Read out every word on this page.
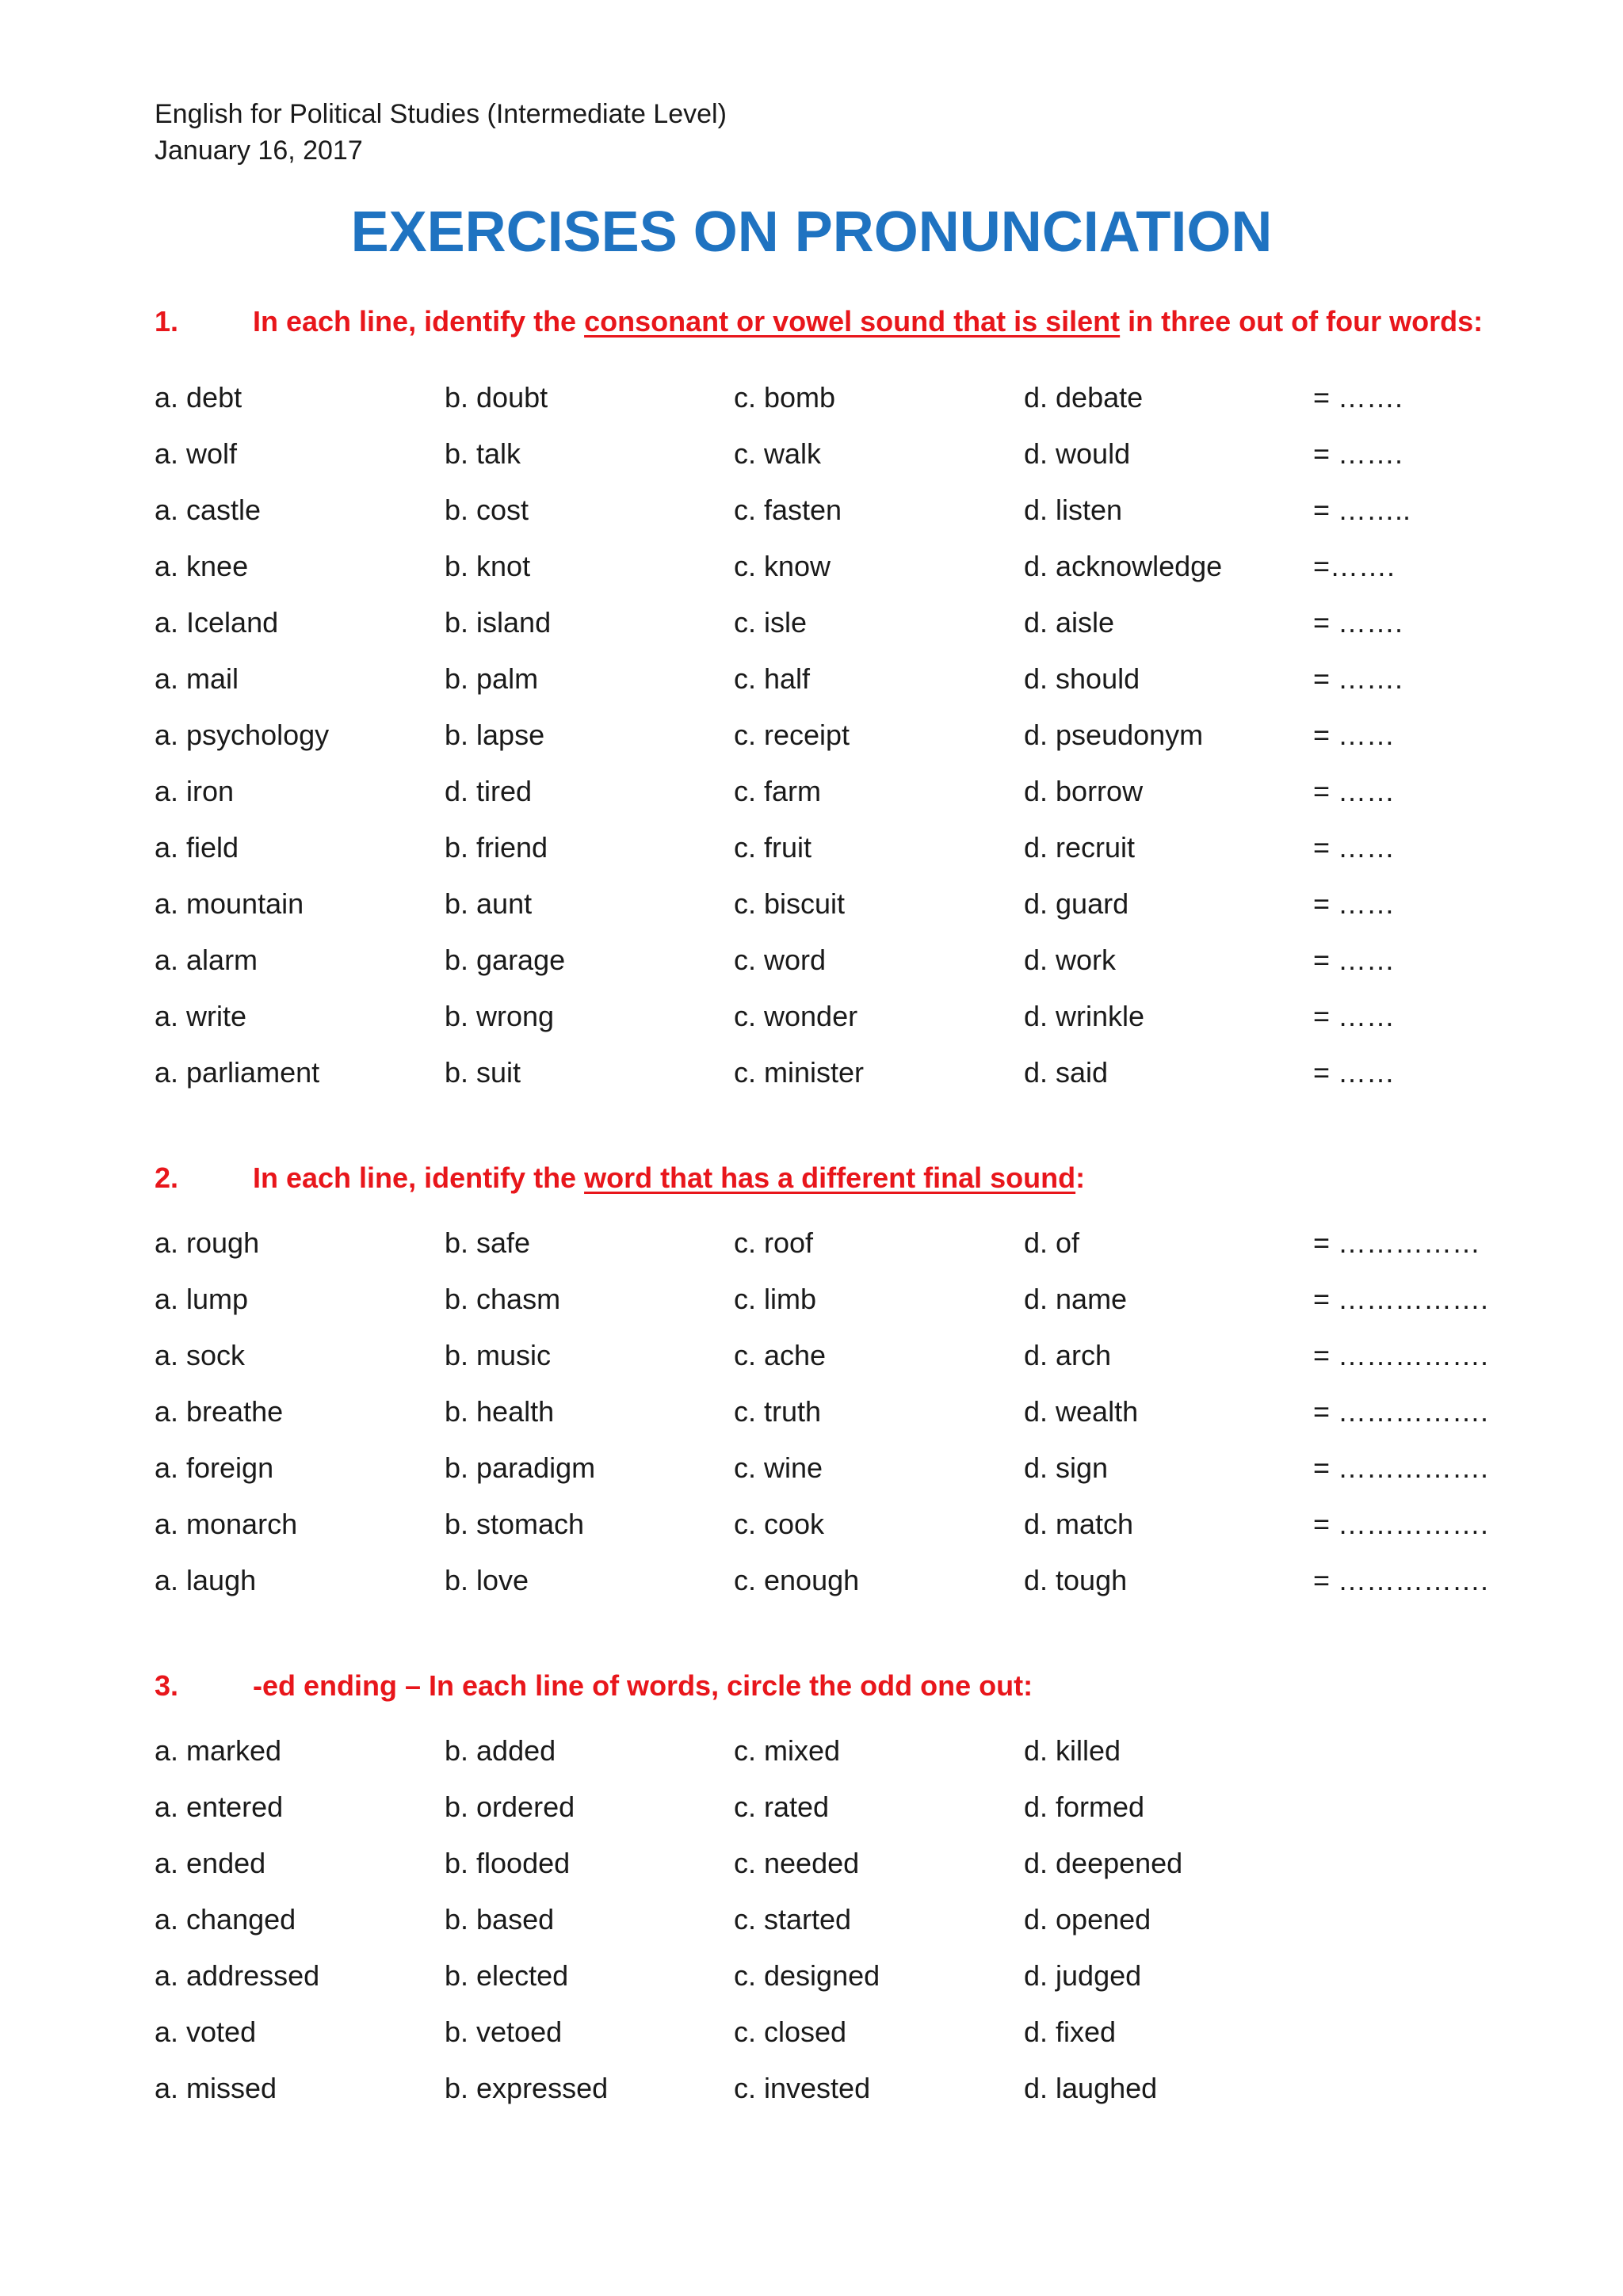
English for Political Studies (Intermediate Level)
January 16, 2017
EXERCISES ON PRONUNCIATION
1.	In each line, identify the consonant or vowel sound that is silent in three out of four words:
a. debt	b. doubt	c. bomb	d. debate	= …….
a. wolf	b. talk	c. walk	d. would	= …….
a. castle	b. cost	c. fasten	d. listen	= ……..
a. knee	b. knot	c. know	d. acknowledge	=…….
a. Iceland	b. island	c. isle	d. aisle	= …….
a. mail	b. palm	c. half	d. should	= …….
a. psychology	b. lapse	c. receipt	d. pseudonym	= ……
a. iron	d. tired	c. farm	d. borrow	= ……
a. field	b. friend	c. fruit	d. recruit	= ……
a. mountain	b. aunt	c. biscuit	d. guard	= ……
a. alarm	b. garage	c. word	d. work	= ……
a. write	b. wrong	c. wonder	d. wrinkle	= ……
a. parliament	b. suit	c. minister	d. said	= ……
2.	In each line, identify the word that has a different final sound:
a. rough	b. safe	c. roof	d. of	= ……………
a. lump	b. chasm	c. limb	d. name	= …………….
a. sock	b. music	c. ache	d. arch	= …………….
a. breathe	b. health	c. truth	d. wealth	= …………….
a. foreign	b. paradigm	c. wine	d. sign	= …………….
a. monarch	b. stomach	c. cook	d. match	= …………….
a. laugh	b. love	c. enough	d. tough	= …………….
3.	-ed ending – In each line of words, circle the odd one out:
a. marked	b. added	c. mixed	d. killed
a. entered	b. ordered	c. rated	d. formed
a. ended	b. flooded	c. needed	d. deepened
a. changed	b. based	c. started	d. opened
a. addressed	b. elected	c. designed	d. judged
a. voted	b. vetoed	c. closed	d. fixed
a. missed	b. expressed	c. invested	d. laughed
